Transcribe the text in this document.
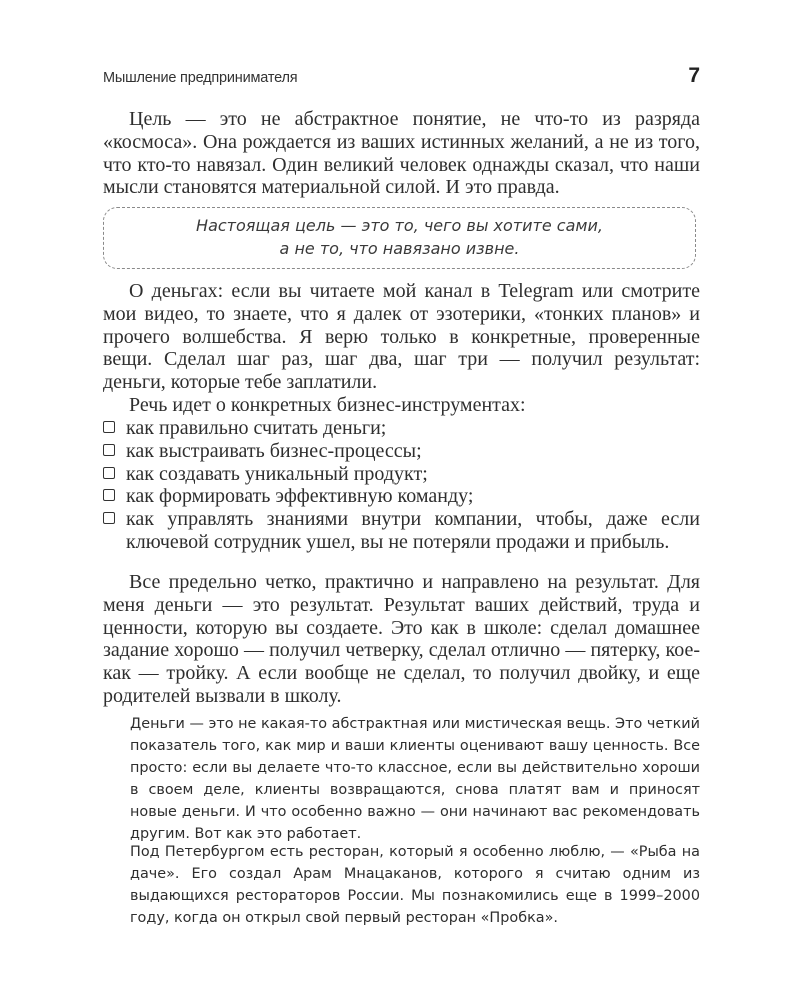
Мышление предпринимателя	7

Цель — это не абстрактное понятие, не что-то из разряда «космоса». Она рождается из ваших истинных желаний, а не из того, что кто-то навязал. Один великий человек однажды сказал, что наши мысли становятся материальной силой. И это правда.

Настоящая цель — это то, чего вы хотите сами,
а не то, что навязано извне.

О деньгах: если вы читаете мой канал в Telegram или смотрите мои видео, то знаете, что я далек от эзотерики, «тонких планов» и прочего волшебства. Я верю только в конкретные, проверенные вещи. Сделал шаг раз, шаг два, шаг три — получил результат: деньги, которые тебе заплатили.

Речь идет о конкретных бизнес-инструментах:

как правильно считать деньги;
как выстраивать бизнес-процессы;
как создавать уникальный продукт;
как формировать эффективную команду;
как управлять знаниями внутри компании, чтобы, даже если ключевой сотрудник ушел, вы не потеряли продажи и прибыль.

Все предельно четко, практично и направлено на результат. Для меня деньги — это результат. Результат ваших действий, труда и ценности, которую вы создаете. Это как в школе: сделал домашнее задание хорошо — получил четверку, сделал отлично — пятерку, кое-как — тройку. А если вообще не сделал, то получил двойку, и еще родителей вызвали в школу.

Деньги — это не какая-то абстрактная или мистическая вещь. Это четкий показатель того, как мир и ваши клиенты оценивают вашу ценность. Все просто: если вы делаете что-то классное, если вы действительно хороши в своем деле, клиенты возвращаются, снова платят вам и приносят новые деньги. И что особенно важно — они начинают вас рекомендовать другим. Вот как это работает.

Под Петербургом есть ресторан, который я особенно люблю, — «Рыба на даче». Его создал Арам Мнацаканов, которого я считаю одним из выдающихся рестораторов России. Мы познакомились еще в 1999–2000 году, когда он открыл свой первый ресторан «Пробка».
